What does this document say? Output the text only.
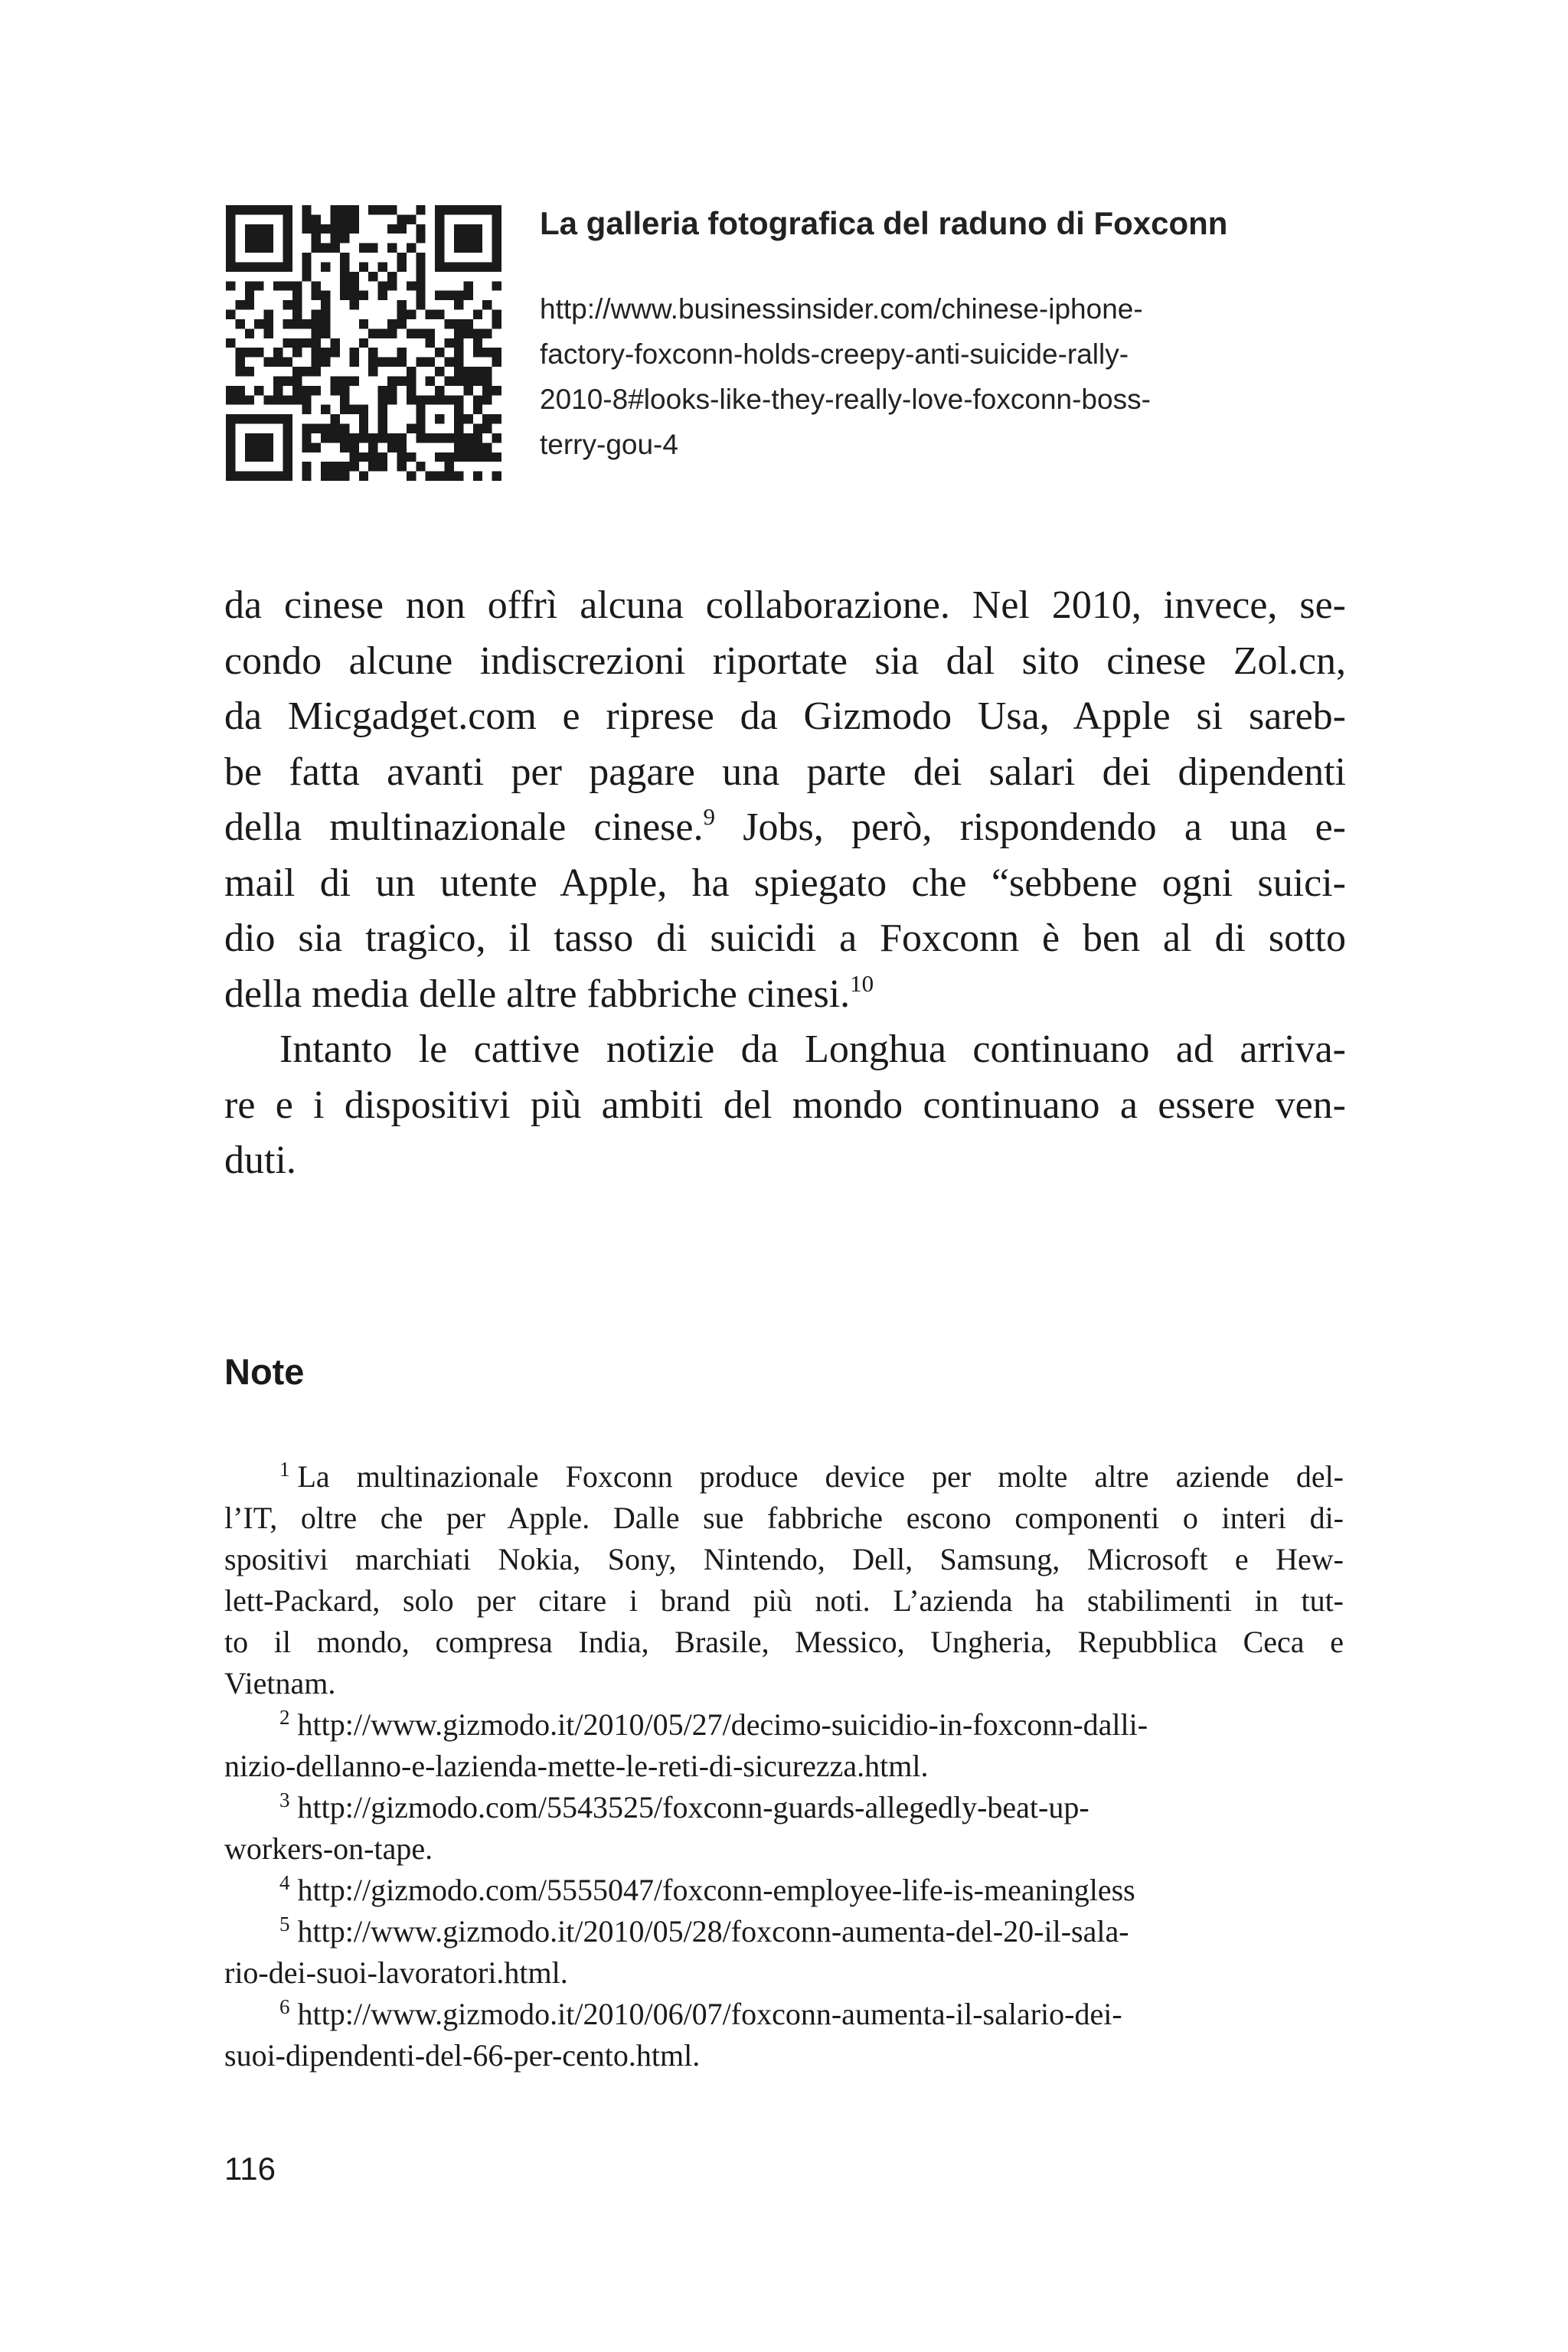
La galleria fotografica del raduno di Foxconn

http://www.businessinsider.com/chinese-iphone-
factory-foxconn-holds-creepy-anti-suicide-rally-
2010-8#looks-like-they-really-love-foxconn-boss-
terry-gou-4

da cinese non offrì alcuna collaborazione. Nel 2010, invece, se-
condo alcune indiscrezioni riportate sia dal sito cinese Zol.cn,
da Micgadget.com e riprese da Gizmodo Usa, Apple si sareb-
be fatta avanti per pagare una parte dei salari dei dipendenti
della multinazionale cinese.$^9$ Jobs, però, rispondendo a una e-
mail di un utente Apple, ha spiegato che “sebbene ogni suici-
dio sia tragico, il tasso di suicidi a Foxconn è ben al di sotto
della media delle altre fabbriche cinesi.$^{10}$
Intanto le cattive notizie da Longhua continuano ad arriva-
re e i dispositivi più ambiti del mondo continuano a essere ven-
duti.
Note
$^1$ La multinazionale Foxconn produce device per molte altre aziende del-
l’IT, oltre che per Apple. Dalle sue fabbriche escono componenti o interi di-
spositivi marchiati Nokia, Sony, Nintendo, Dell, Samsung, Microsoft e Hew-
lett-Packard, solo per citare i brand più noti. L’azienda ha stabilimenti in tut-
to il mondo, compresa India, Brasile, Messico, Ungheria, Repubblica Ceca e
Vietnam.
$^2$ http://www.gizmodo.it/2010/05/27/decimo-suicidio-in-foxconn-dalli-
nizio-dellanno-e-lazienda-mette-le-reti-di-sicurezza.html.
$^3$ http://gizmodo.com/5543525/foxconn-guards-allegedly-beat-up-
workers-on-tape.
$^4$ http://gizmodo.com/5555047/foxconn-employee-life-is-meaningless
$^5$ http://www.gizmodo.it/2010/05/28/foxconn-aumenta-del-20-il-sala-
rio-dei-suoi-lavoratori.html.
$^6$ http://www.gizmodo.it/2010/06/07/foxconn-aumenta-il-salario-dei-
suoi-dipendenti-del-66-per-cento.html.
116
